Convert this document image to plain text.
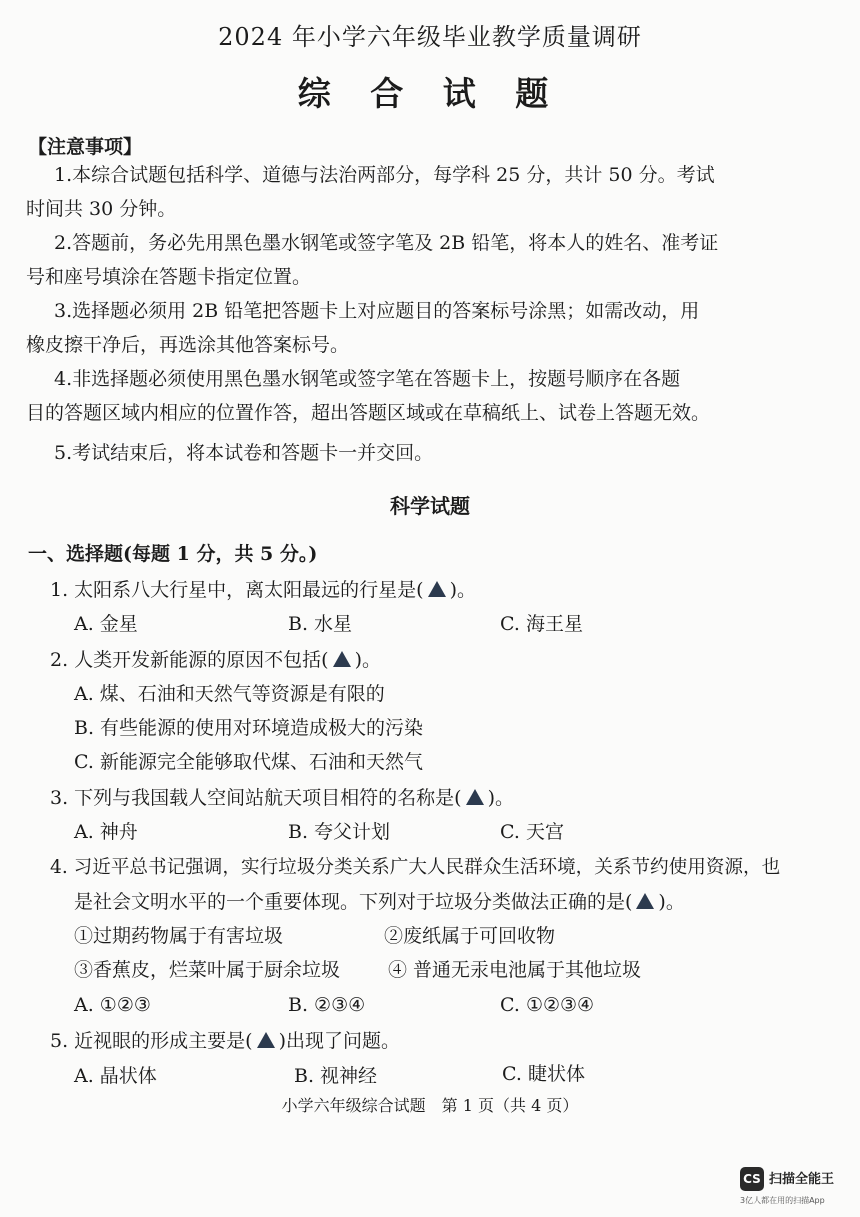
2024 年小学六年级毕业教学质量调研
综 合 试 题
【注意事项】
1.本综合试题包括科学、道德与法治两部分，每学科 25 分，共计 50 分。考试
时间共 30 分钟。
2.答题前，务必先用黑色墨水钢笔或签字笔及 2B 铅笔，将本人的姓名、准考证
号和座号填涂在答题卡指定位置。
3.选择题必须用 2B 铅笔把答题卡上对应题目的答案标号涂黑；如需改动，用
橡皮擦干净后，再选涂其他答案标号。
4.非选择题必须使用黑色墨水钢笔或签字笔在答题卡上，按题号顺序在各题
目的答题区域内相应的位置作答，超出答题区域或在草稿纸上、试卷上答题无效。
5.考试结束后，将本试卷和答题卡一并交回。
科学试题
一、选择题(每题 1 分，共 5 分。)
1. 太阳系八大行星中，离太阳最远的行星是( )。
A. 金星	B. 水星	C. 海王星
2. 人类开发新能源的原因不包括( )。
A. 煤、石油和天然气等资源是有限的
B. 有些能源的使用对环境造成极大的污染
C. 新能源完全能够取代煤、石油和天然气
3. 下列与我国载人空间站航天项目相符的名称是( )。
A. 神舟	B. 夸父计划	C. 天宫
4. 习近平总书记强调，实行垃圾分类关系广大人民群众生活环境，关系节约使用资源，也
是社会文明水平的一个重要体现。下列对于垃圾分类做法正确的是( )。
①过期药物属于有害垃圾	②废纸属于可回收物
③香蕉皮，烂菜叶属于厨余垃圾	④ 普通无汞电池属于其他垃圾
A. ①②③	B. ②③④	C. ①②③④
5. 近视眼的形成主要是( )出现了问题。
A. 晶状体	B. 视神经	C. 睫状体
小学六年级综合试题　第 1 页（共 4 页）
CS 扫描全能王
3亿人都在用的扫描App
